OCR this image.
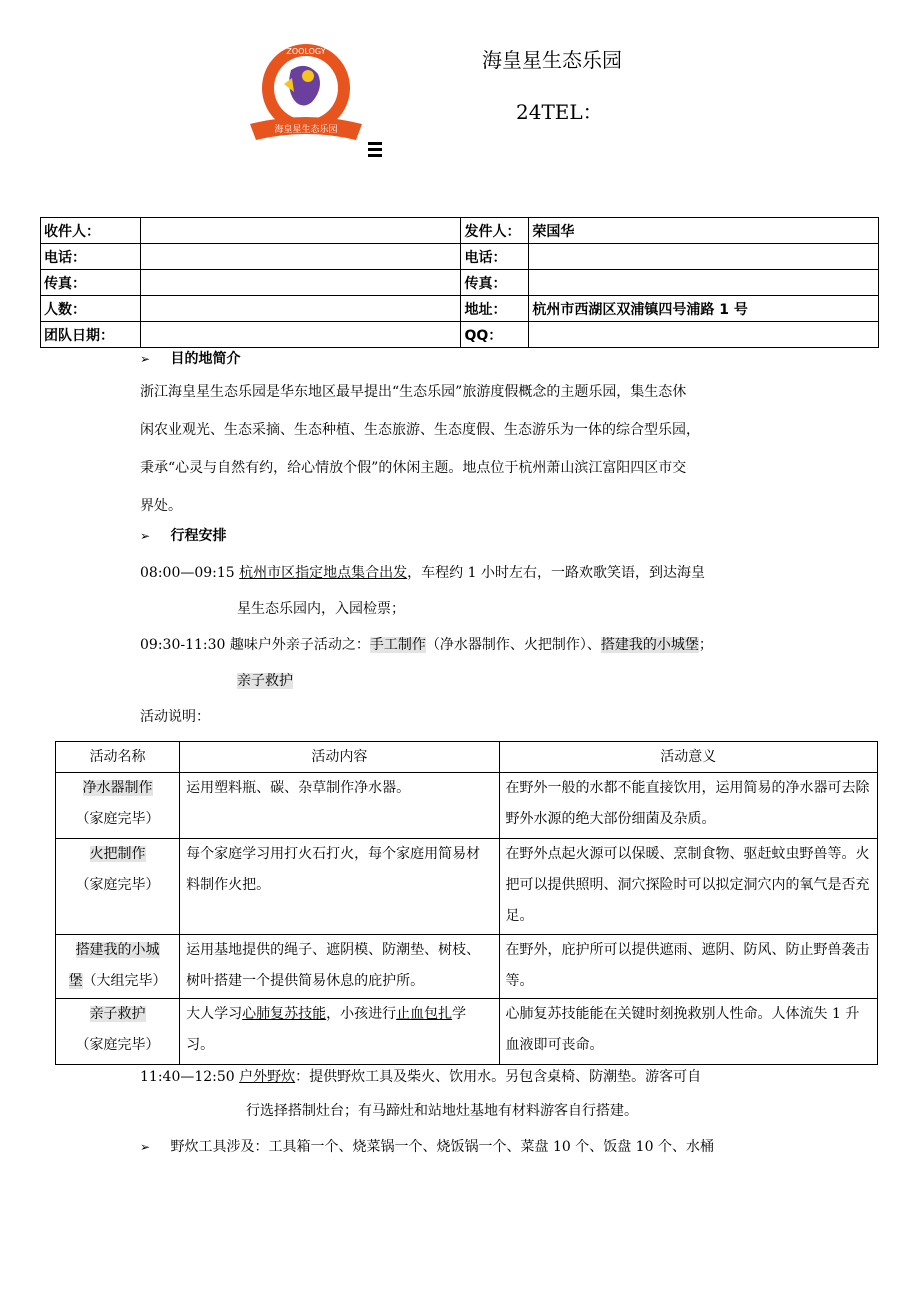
海皇星生态乐园
ZOOLOGY	海皇星生态乐园
24TEL：
收件人：		发件人：	荣国华
电话：		电话：	
传真：		传真：	
人数：		地址：	杭州市西湖区双浦镇四号浦路 1 号
团队日期：		QQ：	
➢ 目的地简介
浙江海皇星生态乐园是华东地区最早提出“生态乐园”旅游度假概念的主题乐园，集生态休
闲农业观光、生态采摘、生态种植、生态旅游、生态度假、生态游乐为一体的综合型乐园，
秉承“心灵与自然有约，给心情放个假”的休闲主题。地点位于杭州萧山滨江富阳四区市交
界处。
➢ 行程安排
08:00—09:15 杭州市区指定地点集合出发，车程约 1 小时左右，一路欢歌笑语，到达海皇
星生态乐园内，入园检票；
09:30-11:30 趣味户外亲子活动之：手工制作（净水器制作、火把制作）、搭建我的小城堡；
亲子救护
活动说明：
活动名称	活动内容	活动意义
净水器制作
（家庭完毕）	运用塑料瓶、碳、杂草制作净水器。	在野外一般的水都不能直接饮用，运用简易的净水器可去除野外水源的绝大部份细菌及杂质。
火把制作
（家庭完毕）	每个家庭学习用打火石打火，每个家庭用简易材料制作火把。	在野外点起火源可以保暖、烹制食物、驱赶蚊虫野兽等。火把可以提供照明、洞穴探险时可以拟定洞穴内的氧气是否充足。
搭建我的小城
堡（大组完毕）	运用基地提供的绳子、遮阴模、防潮垫、树枝、树叶搭建一个提供简易休息的庇护所。	在野外，庇护所可以提供遮雨、遮阴、防风、防止野兽袭击等。
亲子救护
（家庭完毕）	大人学习心肺复苏技能，小孩进行止血包扎学习。	心肺复苏技能能在关键时刻挽救别人性命。人体流失 1 升血液即可丧命。
11:40—12:50 户外野炊：提供野炊工具及柴火、饮用水。另包含桌椅、防潮垫。游客可自
行选择搭制灶台；有马蹄灶和站地灶基地有材料游客自行搭建。
➢ 野炊工具涉及：工具箱一个、烧菜锅一个、烧饭锅一个、菜盘 10 个、饭盘 10 个、水桶
